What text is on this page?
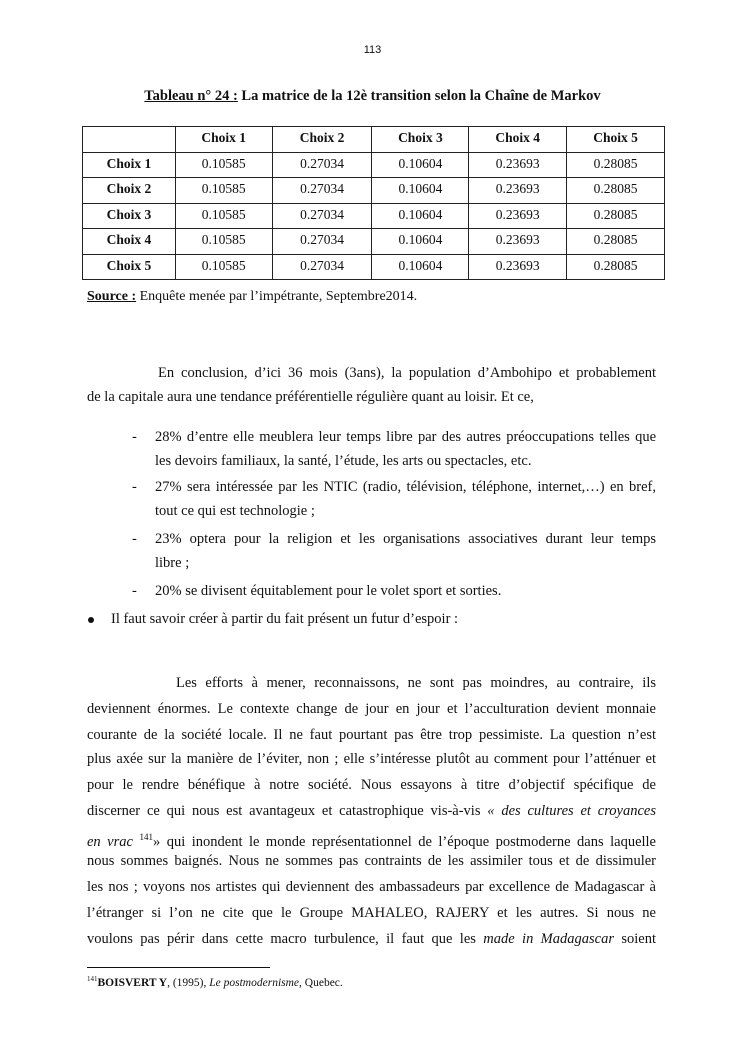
113
Tableau n° 24 : La matrice de la 12è transition selon la Chaîne de Markov
	Choix 1	Choix 2	Choix 3	Choix 4	Choix 5
Choix 1	0.10585	0.27034	0.10604	0.23693	0.28085
Choix 2	0.10585	0.27034	0.10604	0.23693	0.28085
Choix 3	0.10585	0.27034	0.10604	0.23693	0.28085
Choix 4	0.10585	0.27034	0.10604	0.23693	0.28085
Choix 5	0.10585	0.27034	0.10604	0.23693	0.28085
Source : Enquête menée par l’impétrante, Septembre2014.
En conclusion, d’ici 36 mois (3ans), la population d’Ambohipo et probablement
de la capitale aura une tendance préférentielle régulière quant au loisir. Et ce,
- 28% d’entre elle meublera leur temps libre par des autres préoccupations telles que
les devoirs familiaux, la santé, l’étude, les arts ou spectacles, etc.
- 27% sera intéressée par les NTIC (radio, télévision, téléphone, internet,…) en bref,
tout ce qui est technologie ;
- 23% optera pour la religion et les organisations associatives durant leur temps
libre ;
- 20% se divisent équitablement pour le volet sport et sorties.
Il faut savoir créer à partir du fait présent un futur d’espoir :
Les efforts à mener, reconnaissons, ne sont pas moindres, au contraire, ils
deviennent énormes. Le contexte change de jour en jour et l’acculturation devient monnaie
courante de la société locale. Il ne faut pourtant pas être trop pessimiste. La question n’est
plus axée sur la manière de l’éviter, non ; elle s’intéresse plutôt au comment pour l’atténuer et
pour le rendre bénéfique à notre société. Nous essayons à titre d’objectif spécifique de
discerner ce qui nous est avantageux et catastrophique vis-à-vis « des cultures et croyances
en vrac $^{141}$» qui inondent le monde représentationnel de l’époque postmoderne dans laquelle
nous sommes baignés. Nous ne sommes pas contraints de les assimiler tous et de dissimuler
les nos ; voyons nos artistes qui deviennent des ambassadeurs par excellence de Madagascar à
l’étranger si l’on ne cite que le Groupe MAHALEO, RAJERY et les autres. Si nous ne
voulons pas périr dans cette macro turbulence, il faut que les made in Madagascar soient
$^{141}$BOISVERT Y, (1995), Le postmodernisme, Quebec.
